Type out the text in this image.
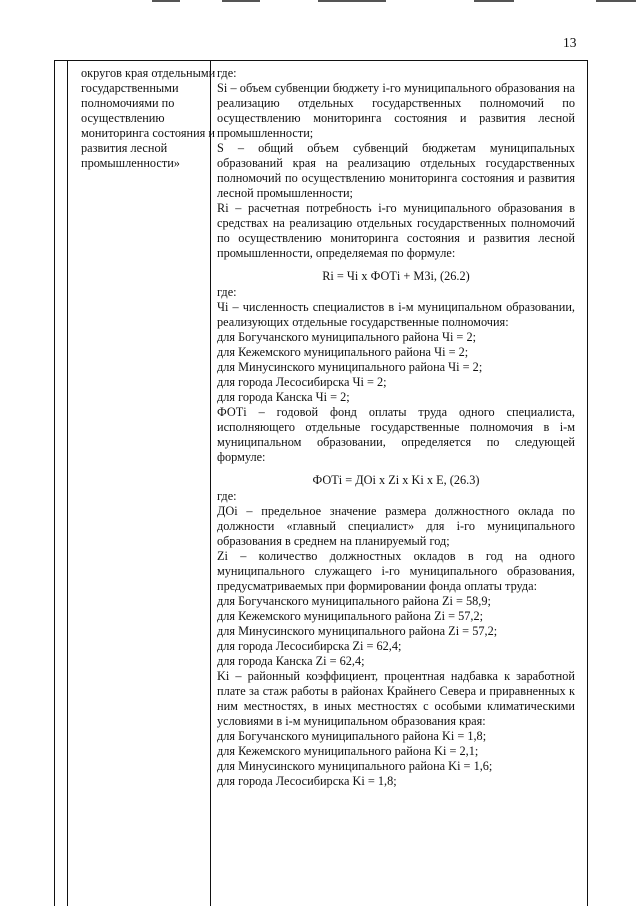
13
округов края отдельными государственными полномочиями по осуществлению мониторинга состояния и развития лесной промышленности»

где:

Si – объем субвенции бюджету i-го муниципального образования на реализацию отдельных государственных полномочий по осуществлению мониторинга состояния и развития лесной промышленности;

S – общий объем субвенций бюджетам муниципальных образований края на реализацию отдельных государственных полномочий по осуществлению мониторинга состояния и развития лесной промышленности;

Ri – расчетная потребность i-го муниципального образования в средствах на реализацию отдельных государственных полномочий по осуществлению мониторинга состояния и развития лесной промышленности, определяемая по формуле:

Ri = Чi x ФОТi + МЗi, (26.2)

где:

Чi – численность специалистов в i-м муниципальном образовании, реализующих отдельные государственные полномочия:

для Богучанского муниципального района Чi = 2;

для Кежемского муниципального района Чi = 2;

для Минусинского муниципального района Чi = 2;

для города Лесосибирска Чi = 2;

для города Канска Чi = 2;

ФОТi – годовой фонд оплаты труда одного специалиста, исполняющего отдельные государственные полномочия в i-м муниципальном образовании, определяется по следующей формуле:

ФОТi = ДОi x Zi x Ki x E, (26.3)

где:

ДОi – предельное значение размера должностного оклада по должности «главный специалист» для i-го муниципального образования в среднем на планируемый год;

Zi – количество должностных окладов в год на одного муниципального служащего i-го муниципального образования, предусматриваемых при формировании фонда оплаты труда:

для Богучанского муниципального района Zi = 58,9;

для Кежемского муниципального района Zi = 57,2;

для Минусинского муниципального района Zi = 57,2;

для города Лесосибирска Zi = 62,4;

для города Канска Zi = 62,4;

Ki – районный коэффициент, процентная надбавка к заработной плате за стаж работы в районах Крайнего Севера и приравненных к ним местностях, в иных местностях с особыми климатическими условиями в i-м муниципальном образования края:

для Богучанского муниципального района Ki = 1,8;

для Кежемского муниципального района Ki = 2,1;

для Минусинского муниципального района Ki = 1,6;

для города Лесосибирска Ki = 1,8;
